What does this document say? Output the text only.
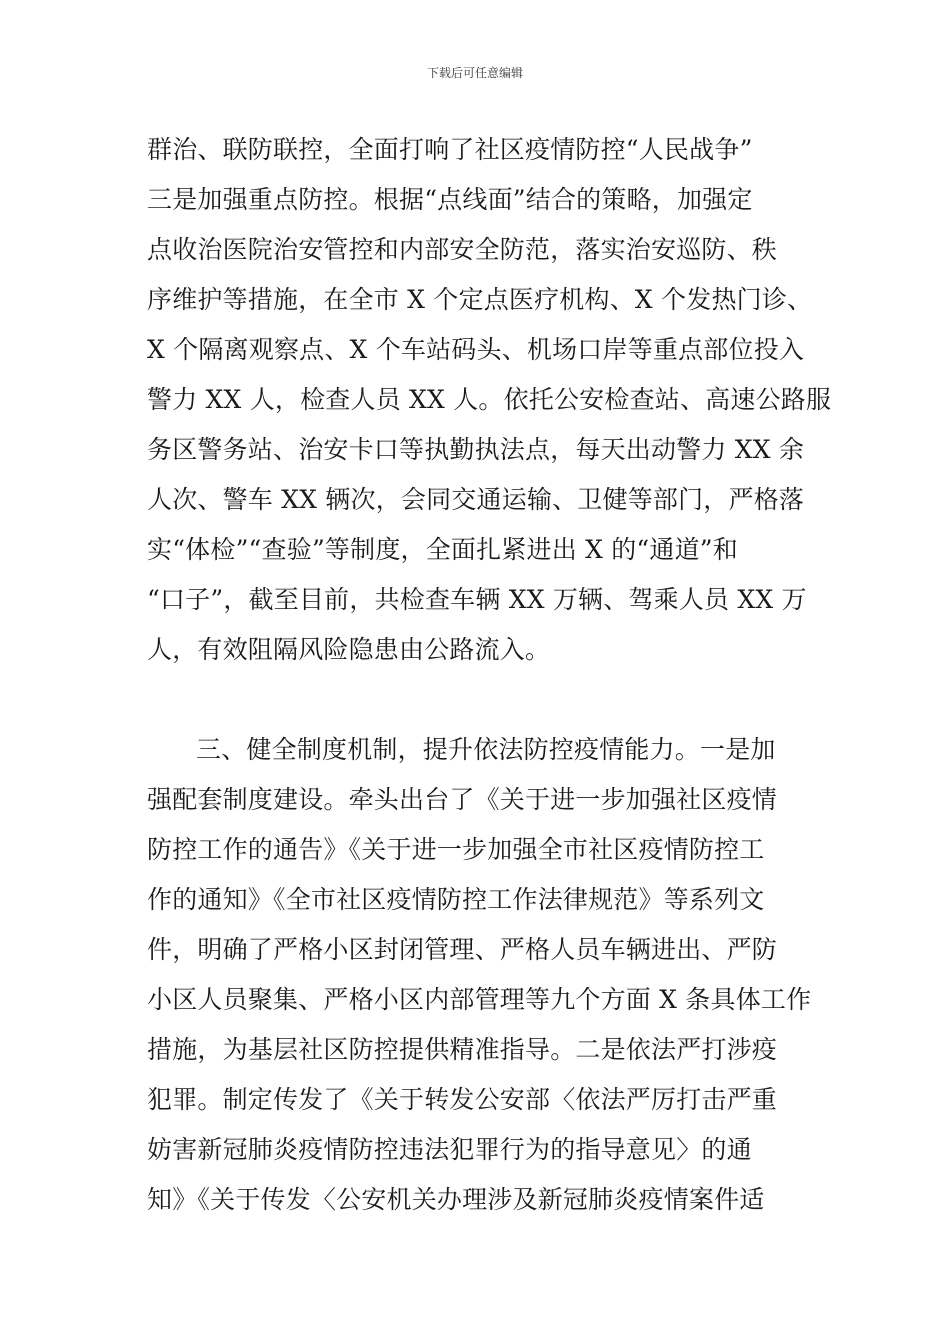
下载后可任意编辑
群治、联防联控，全面打响了社区疫情防控“人民战争”
三是加强重点防控。根据“点线面”结合的策略，加强定
点收治医院治安管控和内部安全防范，落实治安巡防、秩
序维护等措施，在全市 X 个定点医疗机构、X 个发热门诊、
X 个隔离观察点、X 个车站码头、机场口岸等重点部位投入
警力 XX 人，检查人员 XX 人。依托公安检查站、高速公路服
务区警务站、治安卡口等执勤执法点，每天出动警力 XX 余
人次、警车 XX 辆次，会同交通运输、卫健等部门，严格落
实“体检”“查验”等制度，全面扎紧进出 X 的“通道”和
“口子”，截至目前，共检查车辆 XX 万辆、驾乘人员 XX 万
人，有效阻隔风险隐患由公路流入。
三、健全制度机制，提升依法防控疫情能力。一是加
强配套制度建设。牵头出台了《关于进一步加强社区疫情
防控工作的通告》《关于进一步加强全市社区疫情防控工
作的通知》《全市社区疫情防控工作法律规范》等系列文
件，明确了严格小区封闭管理、严格人员车辆进出、严防
小区人员聚集、严格小区内部管理等九个方面 X 条具体工作
措施，为基层社区防控提供精准指导。二是依法严打涉疫
犯罪。制定传发了《关于转发公安部〈依法严厉打击严重
妨害新冠肺炎疫情防控违法犯罪行为的指导意见〉的通
知》《关于传发〈公安机关办理涉及新冠肺炎疫情案件适
